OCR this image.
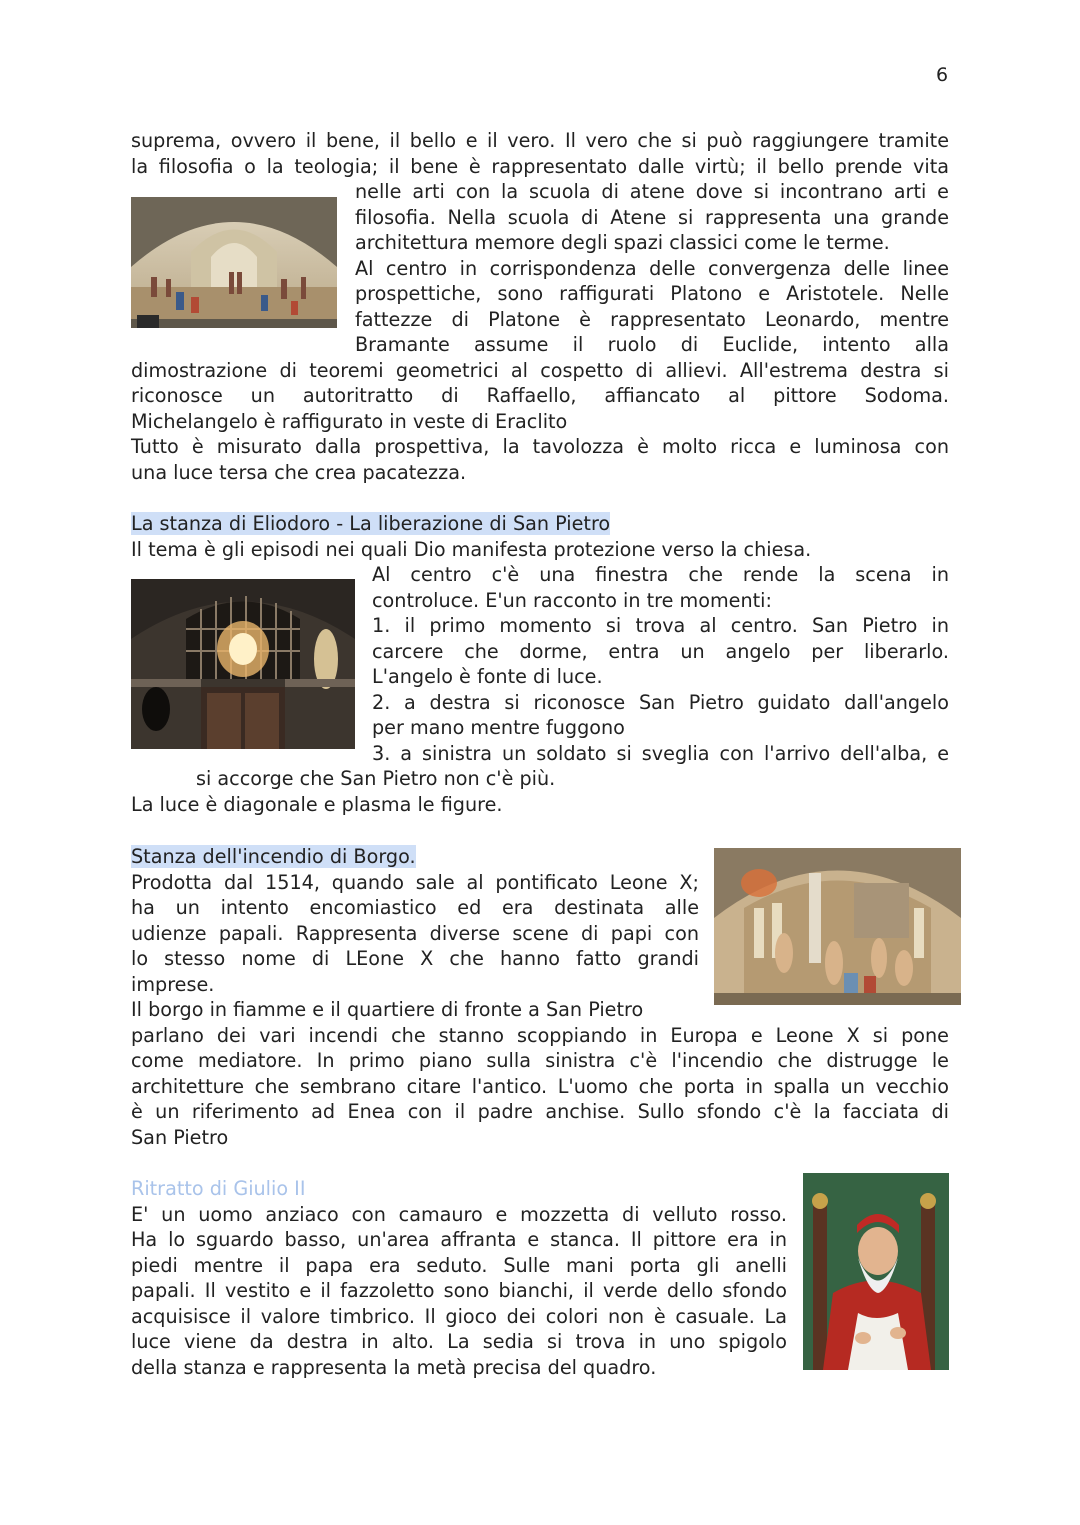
6
suprema, ovvero il bene, il bello e il vero. Il vero che si può raggiungere tramite
la filosofia o la teologia; il bene è rappresentato dalle virtù; il bello prende vita
nelle arti con la scuola di atene dove si incontrano arti e
filosofia. Nella scuola di Atene si rappresenta una grande
architettura memore degli spazi classici come le terme.
Al centro in corrispondenza delle convergenza delle linee
prospettiche, sono raffigurati Platono e Aristotele. Nelle
fattezze di Platone è rappresentato Leonardo, mentre
Bramante assume il ruolo di Euclide, intento alla
dimostrazione di teoremi geometrici al cospetto di allievi. All'estrema destra si
riconosce un autoritratto di Raffaello, affiancato al pittore Sodoma.
Michelangelo è raffigurato in veste di Eraclito
Tutto è misurato dalla prospettiva, la tavolozza è molto ricca e luminosa con
una luce tersa che crea pacatezza.
La stanza di Eliodoro - La liberazione di San Pietro
Il tema è gli episodi nei quali Dio manifesta protezione verso la chiesa.
Al centro c'è una finestra che rende la scena in
controluce. E'un racconto in tre momenti:
1. il primo momento si trova al centro. San Pietro in
carcere che dorme, entra un angelo per liberarlo.
L'angelo è fonte di luce.
2. a destra si riconosce San Pietro guidato dall'angelo
per mano mentre fuggono
3. a sinistra un soldato si sveglia con l'arrivo dell'alba, e
si accorge che San Pietro non c'è più.
La luce è diagonale e plasma le figure.
Stanza dell'incendio di Borgo.
Prodotta dal 1514, quando sale al pontificato Leone X;
ha un intento encomiastico ed era destinata alle
udienze papali. Rappresenta diverse scene di papi con
lo stesso nome di LEone X che hanno fatto grandi
imprese.
Il borgo in fiamme e il quartiere di fronte a San Pietro
parlano dei vari incendi che stanno scoppiando in Europa e Leone X si pone
come mediatore. In primo piano sulla sinistra c'è l'incendio che distrugge le
architetture che sembrano citare l'antico. L'uomo che porta in spalla un vecchio
è un riferimento ad Enea con il padre anchise. Sullo sfondo c'è la facciata di
San Pietro
Ritratto di Giulio II
E' un uomo anziaco con camauro e mozzetta di velluto rosso.
Ha lo sguardo basso, un'area affranta e stanca. Il pittore era in
piedi mentre il papa era seduto. Sulle mani porta gli anelli
papali. Il vestito e il fazzoletto sono bianchi, il verde dello sfondo
acquisisce il valore timbrico. Il gioco dei colori non è casuale. La
luce viene da destra in alto. La sedia si trova in uno spigolo
della stanza e rappresenta la metà precisa del quadro.
